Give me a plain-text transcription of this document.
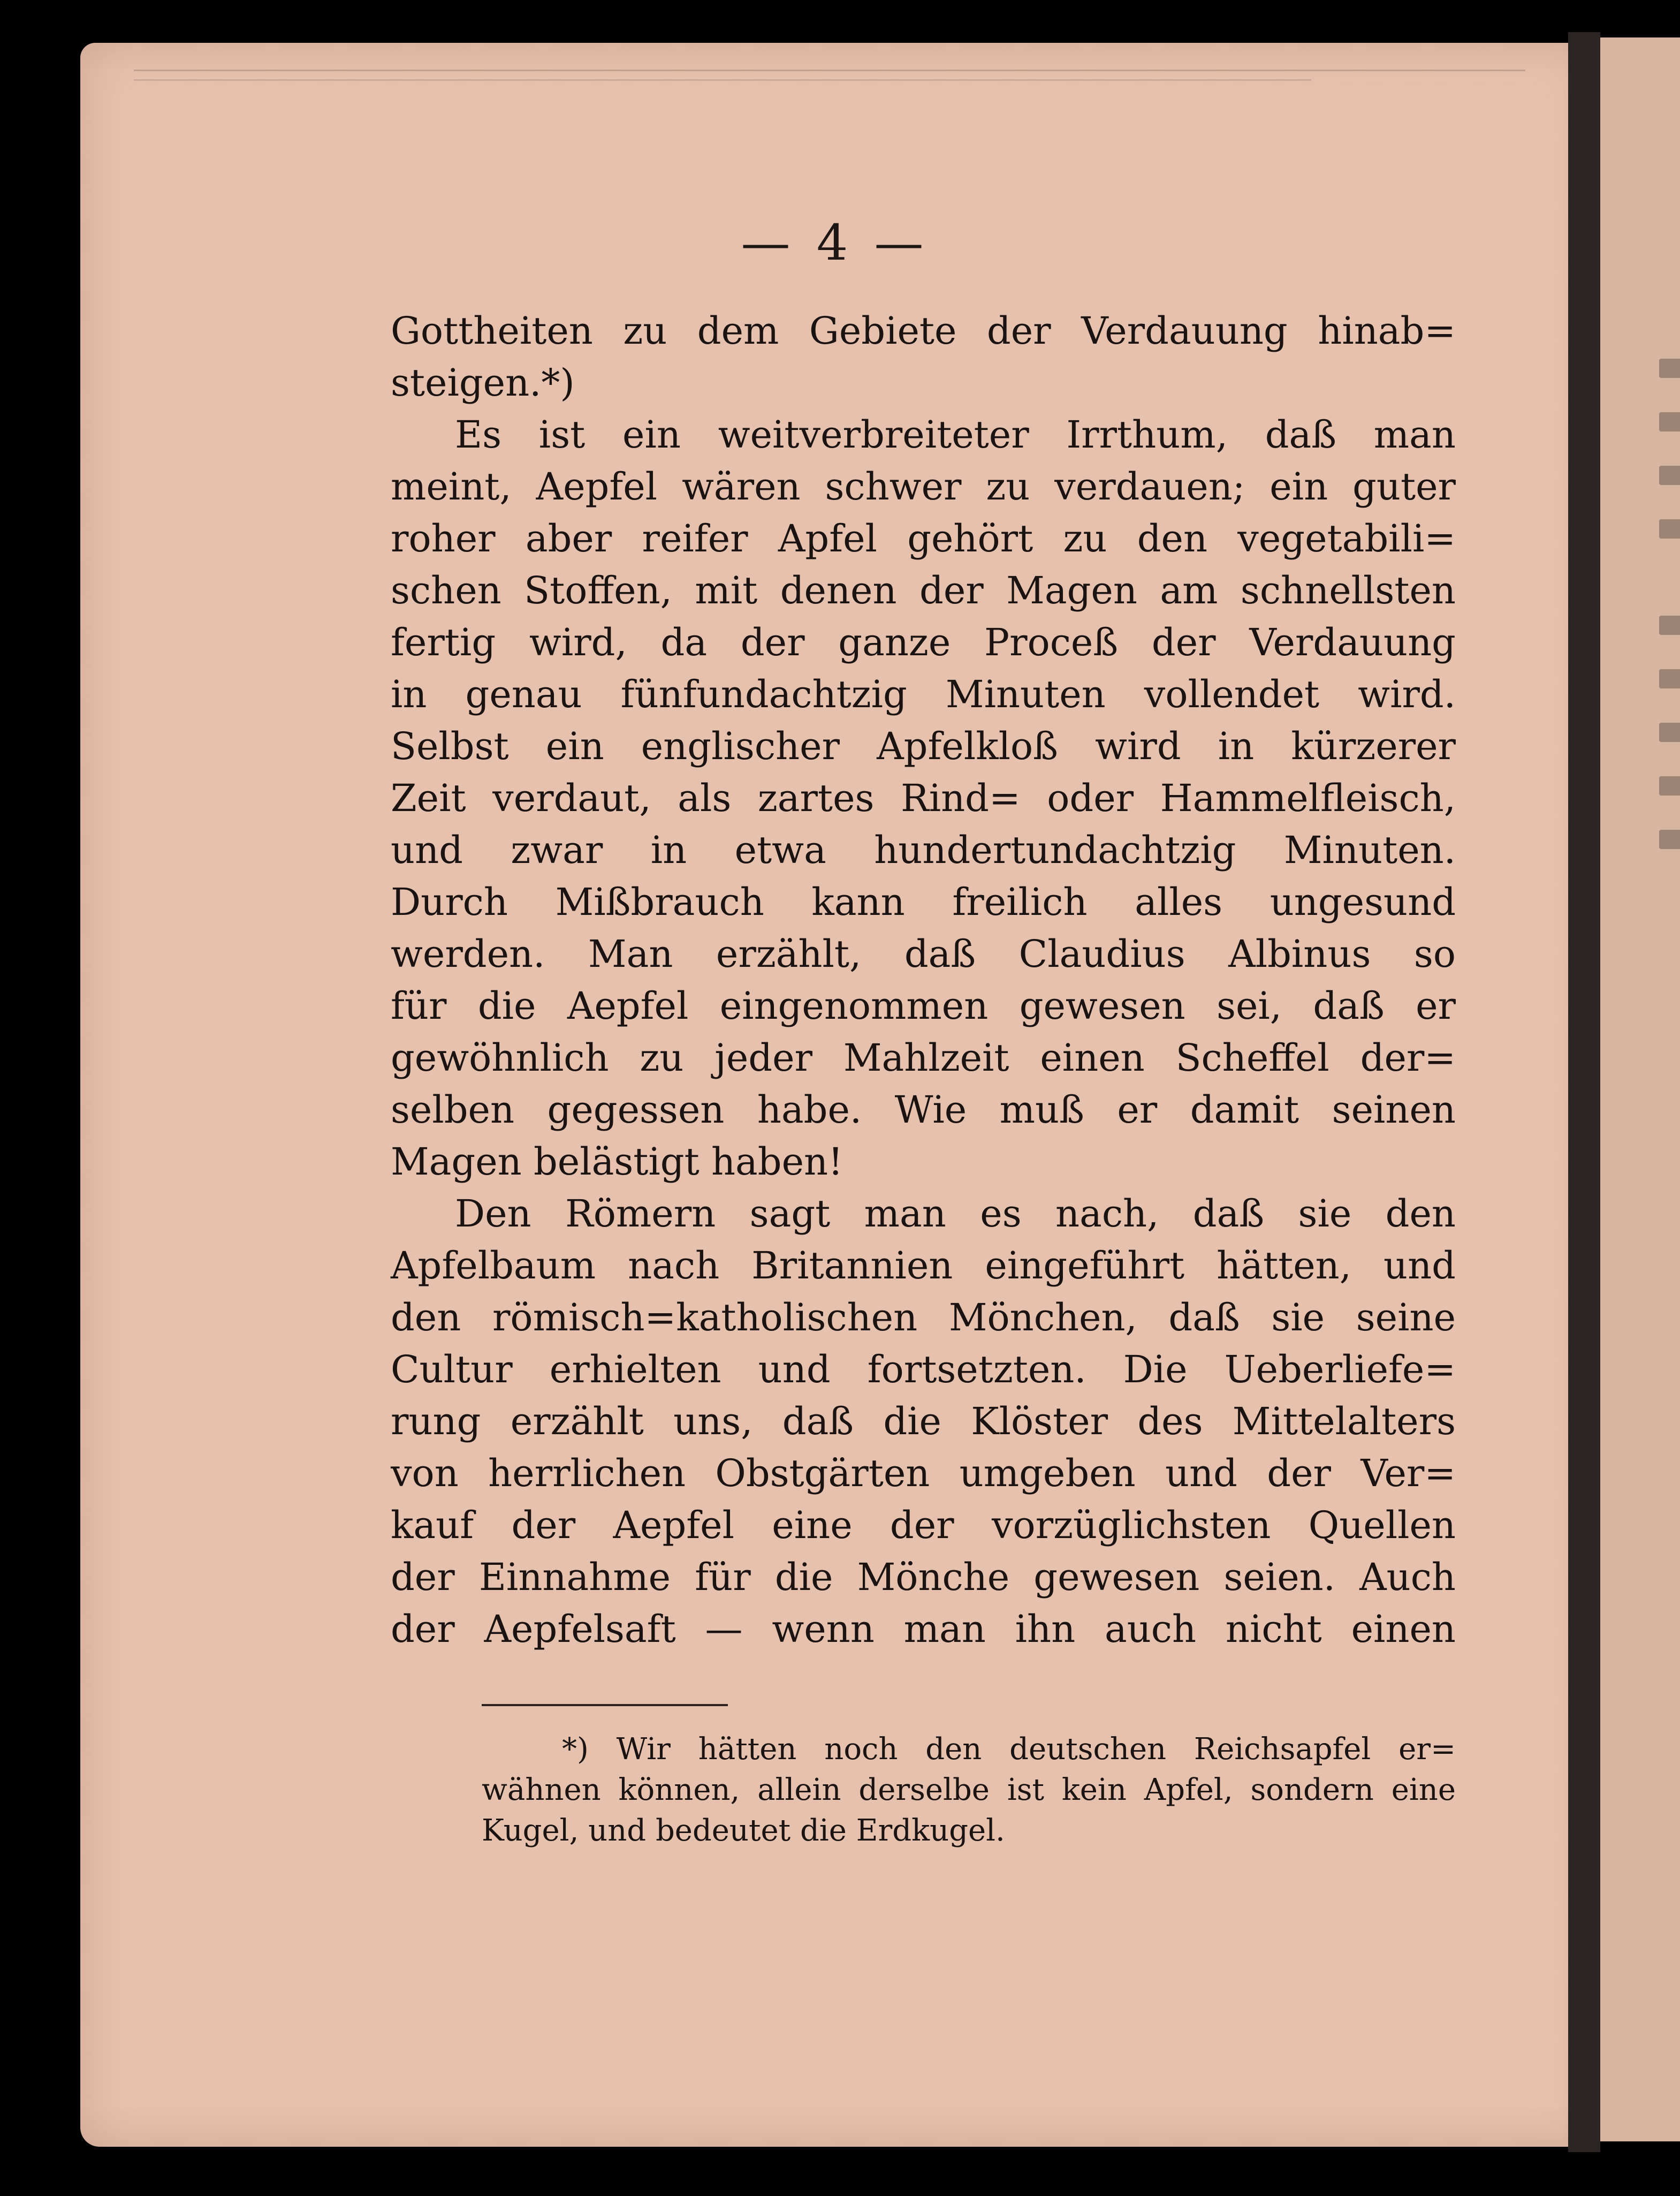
— 4 —
Gottheiten zu dem Gebiete der Verdauung hinab=
steigen.*)
Es ist ein weitverbreiteter Irrthum, daß man
meint, Aepfel wären schwer zu verdauen; ein guter
roher aber reifer Apfel gehört zu den vegetabili=
schen Stoffen, mit denen der Magen am schnellsten
fertig wird, da der ganze Proceß der Verdauung
in genau fünfundachtzig Minuten vollendet wird.
Selbst ein englischer Apfelkloß wird in kürzerer
Zeit verdaut, als zartes Rind= oder Hammelfleisch,
und zwar in etwa hundertundachtzig Minuten.
Durch Mißbrauch kann freilich alles ungesund
werden. Man erzählt, daß Claudius Albinus so
für die Aepfel eingenommen gewesen sei, daß er
gewöhnlich zu jeder Mahlzeit einen Scheffel der=
selben gegessen habe. Wie muß er damit seinen
Magen belästigt haben!
Den Römern sagt man es nach, daß sie den
Apfelbaum nach Britannien eingeführt hätten, und
den römisch=katholischen Mönchen, daß sie seine
Cultur erhielten und fortsetzten. Die Ueberliefe=
rung erzählt uns, daß die Klöster des Mittelalters
von herrlichen Obstgärten umgeben und der Ver=
kauf der Aepfel eine der vorzüglichsten Quellen
der Einnahme für die Mönche gewesen seien. Auch
der Aepfelsaft — wenn man ihn auch nicht einen
*) Wir hätten noch den deutschen Reichsapfel er=
wähnen können, allein derselbe ist kein Apfel, sondern eine
Kugel, und bedeutet die Erdkugel.
